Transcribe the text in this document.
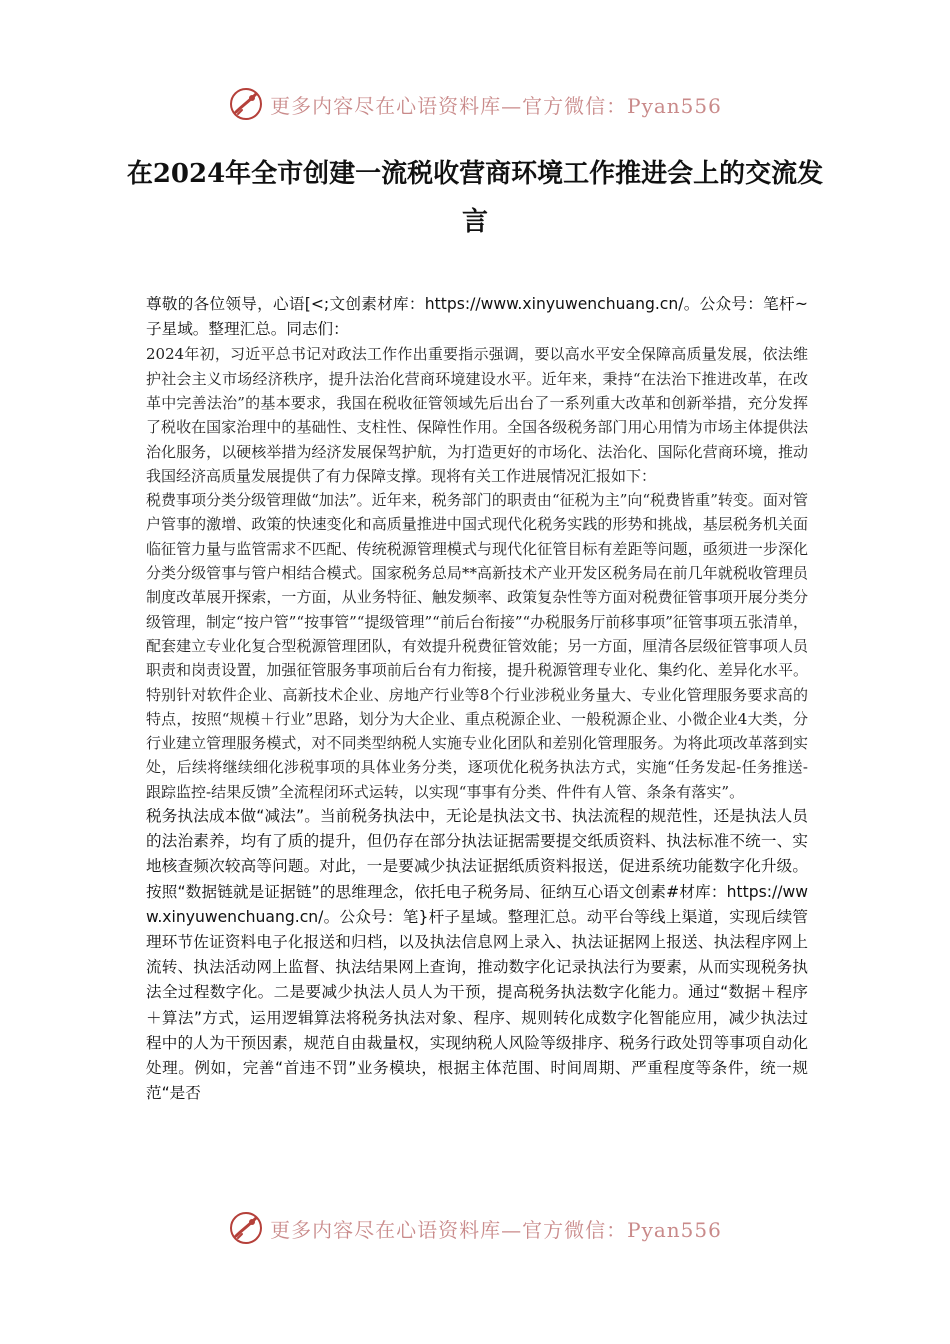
更多内容尽在心语资料库—官方微信：Pyan556
在2024年全市创建一流税收营商环境工作推进会上的交流发言

尊敬的各位领导，心语[<;文创素材库：https://www.xinyuwenchuang.cn/。公众号：笔杆~子星域。整理汇总。同志们：

2024年初，习近平总书记对政法工作作出重要指示强调，要以高水平安全保障高质量发展，依法维护社会主义市场经济秩序，提升法治化营商环境建设水平。近年来，秉持“在法治下推进改革，在改革中完善法治”的基本要求，我国在税收征管领域先后出台了一系列重大改革和创新举措，充分发挥了税收在国家治理中的基础性、支柱性、保障性作用。全国各级税务部门用心用情为市场主体提供法治化服务，以硬核举措为经济发展保驾护航，为打造更好的市场化、法治化、国际化营商环境，推动我国经济高质量发展提供了有力保障支撑。现将有关工作进展情况汇报如下：

税费事项分类分级管理做“加法”。近年来，税务部门的职责由“征税为主”向“税费皆重”转变。面对管户管事的激增、政策的快速变化和高质量推进中国式现代化税务实践的形势和挑战，基层税务机关面临征管力量与监管需求不匹配、传统税源管理模式与现代化征管目标有差距等问题，亟须进一步深化分类分级管事与管户相结合模式。国家税务总局**高新技术产业开发区税务局在前几年就税收管理员制度改革展开探索，一方面，从业务特征、触发频率、政策复杂性等方面对税费征管事项开展分类分级管理，制定“按户管”“按事管”“提级管理”“前后台衔接”“办税服务厅前移事项”征管事项五张清单，配套建立专业化复合型税源管理团队，有效提升税费征管效能；另一方面，厘清各层级征管事项人员职责和岗责设置，加强征管服务事项前后台有力衔接，提升税源管理专业化、集约化、差异化水平。特别针对软件企业、高新技术企业、房地产行业等8个行业涉税业务量大、专业化管理服务要求高的特点，按照“规模＋行业”思路，划分为大企业、重点税源企业、一般税源企业、小微企业4大类，分行业建立管理服务模式，对不同类型纳税人实施专业化团队和差别化管理服务。为将此项改革落到实处，后续将继续细化涉税事项的具体业务分类，逐项优化税务执法方式，实施“任务发起-任务推送-跟踪监控-结果反馈”全流程闭环式运转，以实现“事事有分类、件件有人管、条条有落实”。

税务执法成本做“减法”。当前税务执法中，无论是执法文书、执法流程的规范性，还是执法人员的法治素养，均有了质的提升，但仍存在部分执法证据需要提交纸质资料、执法标准不统一、实地核查频次较高等问题。对此，一是要减少执法证据纸质资料报送，促进系统功能数字化升级。按照“数据链就是证据链”的思维理念，依托电子税务局、征纳互心语文创素#材库：https://www.xinyuwenchuang.cn/。公众号：笔}杆子星域。整理汇总。动平台等线上渠道，实现后续管理环节佐证资料电子化报送和归档，以及执法信息网上录入、执法证据网上报送、执法程序网上流转、执法活动网上监督、执法结果网上查询，推动数字化记录执法行为要素，从而实现税务执法全过程数字化。二是要减少执法人员人为干预，提高税务执法数字化能力。通过“数据＋程序＋算法”方式，运用逻辑算法将税务执法对象、程序、规则转化成数字化智能应用，减少执法过程中的人为干预因素，规范自由裁量权，实现纳税人风险等级排序、税务行政处罚等事项自动化处理。例如，完善“首违不罚”业务模块，根据主体范围、时间周期、严重程度等条件，统一规范“是否

更多内容尽在心语资料库—官方微信：Pyan556
